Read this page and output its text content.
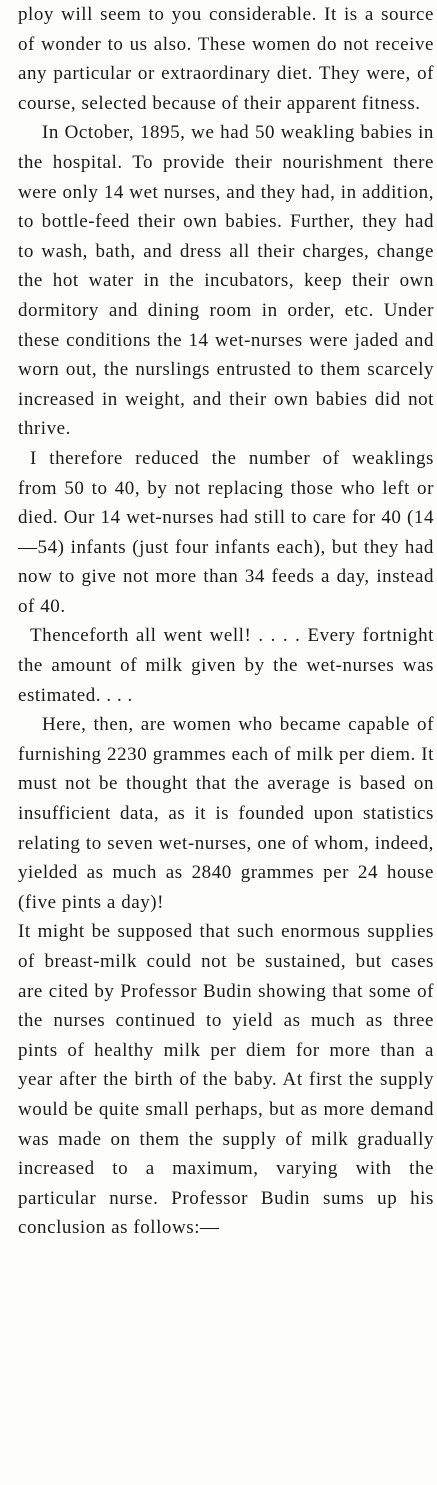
ploy will seem to you considerable. It is a source of wonder to us also. These women do not receive any particular or extraordinary diet. They were, of course, selected because of their apparent fitness.

In October, 1895, we had 50 weakling babies in the hospital. To provide their nourishment there were only 14 wet nurses, and they had, in addition, to bottle-feed their own babies. Further, they had to wash, bath, and dress all their charges, change the hot water in the incubators, keep their own dormitory and dining room in order, etc. Under these conditions the 14 wet-nurses were jaded and worn out, the nurslings entrusted to them scarcely increased in weight, and their own babies did not thrive.

I therefore reduced the number of weaklings from 50 to 40, by not replacing those who left or died. Our 14 wet-nurses had still to care for 40 (14—54) infants (just four infants each), but they had now to give not more than 34 feeds a day, instead of 40.

Thenceforth all went well! . . . . Every fortnight the amount of milk given by the wet-nurses was estimated. . . .

Here, then, are women who became capable of furnishing 2230 grammes each of milk per diem. It must not be thought that the average is based on insufficient data, as it is founded upon statistics relating to seven wet-nurses, one of whom, indeed, yielded as much as 2840 grammes per 24 house (five pints a day)!

It might be supposed that such enormous supplies of breast-milk could not be sustained, but cases are cited by Professor Budin showing that some of the nurses continued to yield as much as three pints of healthy milk per diem for more than a year after the birth of the baby. At first the supply would be quite small perhaps, but as more demand was made on them the supply of milk gradually increased to a maximum, varying with the particular nurse. Professor Budin sums up his conclusion as follows:—
